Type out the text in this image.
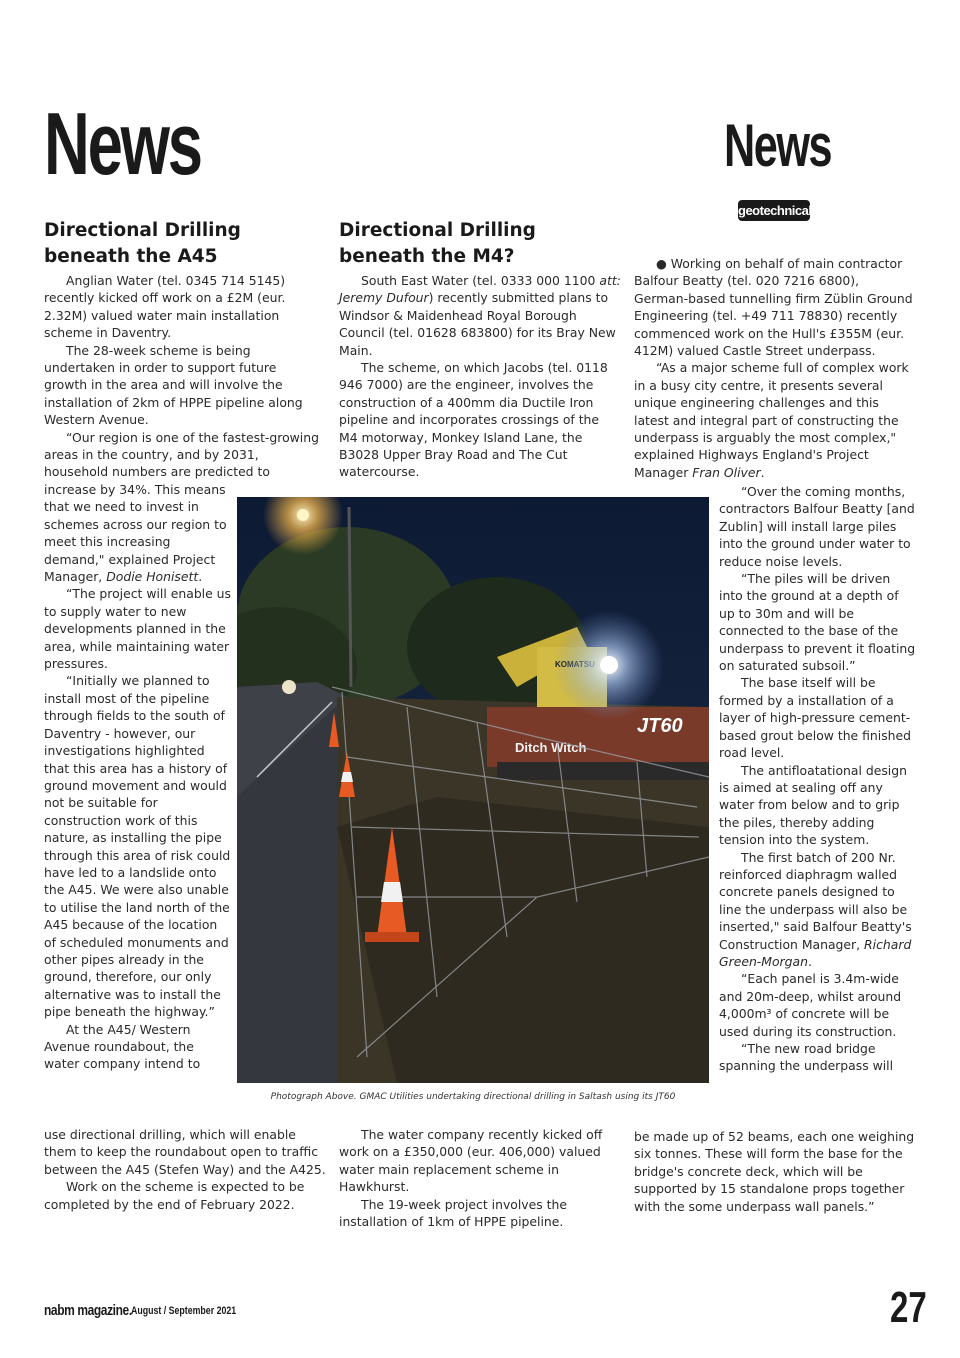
News	News
geotechnical
Directional Drilling beneath the A45

Anglian Water (tel. 0345 714 5145) recently kicked off work on a £2M (eur. 2.32M) valued water main installation scheme in Daventry.

The 28-week scheme is being undertaken in order to support future growth in the area and will involve the installation of 2km of HPPE pipeline along Western Avenue.

“Our region is one of the fastest-growing areas in the country, and by 2031, household numbers are predicted to

increase by 34%. This means that we need to invest in schemes across our region to meet this increasing demand," explained Project Manager, Dodie Honisett.

“The project will enable us to supply water to new developments planned in the area, while maintaining water pressures.

“Initially we planned to install most of the pipeline through fields to the south of Daventry - however, our investigations highlighted that this area has a history of ground movement and would not be suitable for construction work of this nature, as installing the pipe through this area of risk could have led to a landslide onto the A45. We were also unable to utilise the land north of the A45 because of the location of scheduled monuments and other pipes already in the ground, therefore, our only alternative was to install the pipe beneath the highway.”

At the A45/ Western Avenue roundabout, the water company intend to

use directional drilling, which will enable them to keep the roundabout open to traffic between the A45 (Stefen Way) and the A425.

Work on the scheme is expected to be completed by the end of February 2022.

Directional Drilling beneath the M4?

South East Water (tel. 0333 000 1100 att: Jeremy Dufour) recently submitted plans to Windsor & Maidenhead Royal Borough Council (tel. 01628 683800) for its Bray New Main.

The scheme, on which Jacobs (tel. 0118 946 7000) are the engineer, involves the construction of a 400mm dia Ductile Iron pipeline and incorporates crossings of the M4 motorway, Monkey Island Lane, the B3028 Upper Bray Road and The Cut watercourse.

The water company recently kicked off work on a £350,000 (eur. 406,000) valued water main replacement scheme in Hawkhurst.

The 19-week project involves the installation of 1km of HPPE pipeline.

● Working on behalf of main contractor Balfour Beatty (tel. 020 7216 6800), German-based tunnelling firm Züblin Ground Engineering (tel. +49 711 78830) recently commenced work on the Hull's £355M (eur. 412M) valued Castle Street underpass.

“As a major scheme full of complex work in a busy city centre, it presents several unique engineering challenges and this latest and integral part of constructing the underpass is arguably the most complex," explained Highways England's Project Manager Fran Oliver.

“Over the coming months, contractors Balfour Beatty [and Zublin] will install large piles into the ground under water to reduce noise levels.

“The piles will be driven into the ground at a depth of up to 30m and will be connected to the base of the underpass to prevent it floating on saturated subsoil.”

The base itself will be formed by a installation of a layer of high-pressure cement-based grout below the finished road level.

The antifloatational design is aimed at sealing off any water from below and to grip the piles, thereby adding tension into the system.

The first batch of 200 Nr. reinforced diaphragm walled concrete panels designed to line the underpass will also be inserted," said Balfour Beatty's Construction Manager, Richard Green-Morgan.

“Each panel is 3.4m-wide and 20m-deep, whilst around 4,000m³ of concrete will be used during its construction.

“The new road bridge spanning the underpass will

be made up of 52 beams, each one weighing six tonnes. These will form the base for the bridge's concrete deck, which will be supported by 15 standalone props together with the some underpass wall panels.”

Ditch Witch
JT60
Photograph Above. GMAC Utilities undertaking directional drilling in Saltash using its JT60
nabm magazine. August / September 2021	27
